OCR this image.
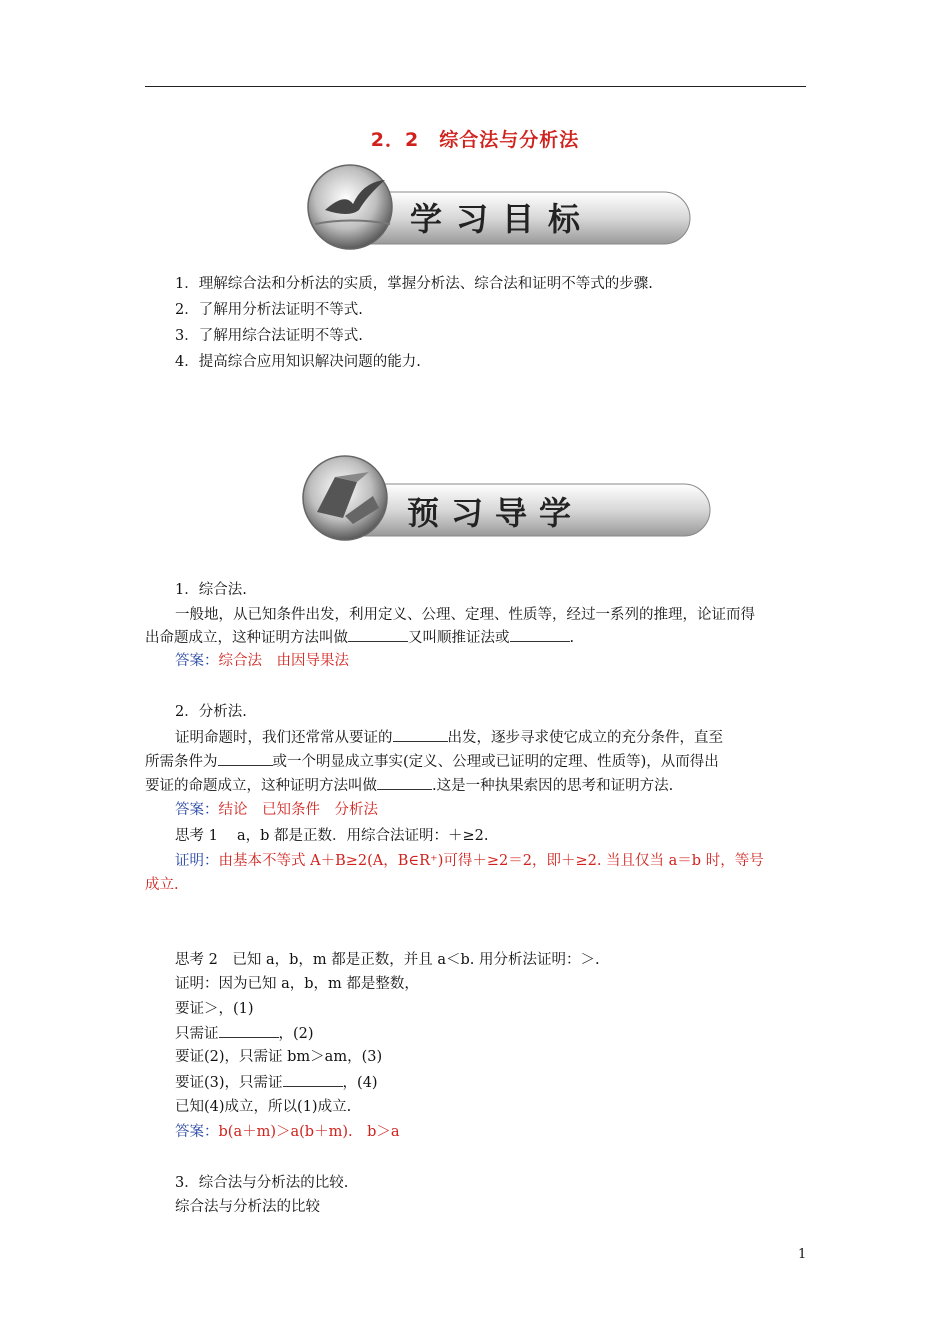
2．2　综合法与分析法
学习目标
1．理解综合法和分析法的实质，掌握分析法、综合法和证明不等式的步骤.
2．了解用分析法证明不等式.
3．了解用综合法证明不等式.
4．提高综合应用知识解决问题的能力.
预习导学
1．综合法.
一般地，从已知条件出发，利用定义、公理、定理、性质等，经过一系列的推理，论证而得
出命题成立，这种证明方法叫做	又叫顺推证法或	.
答案：综合法　由因导果法
2．分析法.
证明命题时，我们还常常从要证的	出发，逐步寻求使它成立的充分条件，直至
所需条件为	或一个明显成立事实(定义、公理或已证明的定理、性质等)，从而得出
要证的命题成立，这种证明方法叫做	.这是一种执果索因的思考和证明方法.
答案：结论　已知条件　分析法
思考 1　 a，b 都是正数．用综合法证明：＋≥2.
证明：由基本不等式 A＋B≥2(A，B∈R⁺)可得＋≥2＝2，即＋≥2. 当且仅当 a＝b 时，等号
成立.
思考 2　已知 a，b，m 都是正数，并且 a＜b. 用分析法证明：＞.
证明：因为已知 a，b，m 都是整数，
要证＞，(1)
只需证	，(2)
要证(2)，只需证 bm＞am，(3)
要证(3)，只需证	，(4)
已知(4)成立，所以(1)成立.
答案：b(a＋m)＞a(b＋m).　b＞a
3．综合法与分析法的比较.
综合法与分析法的比较
1
